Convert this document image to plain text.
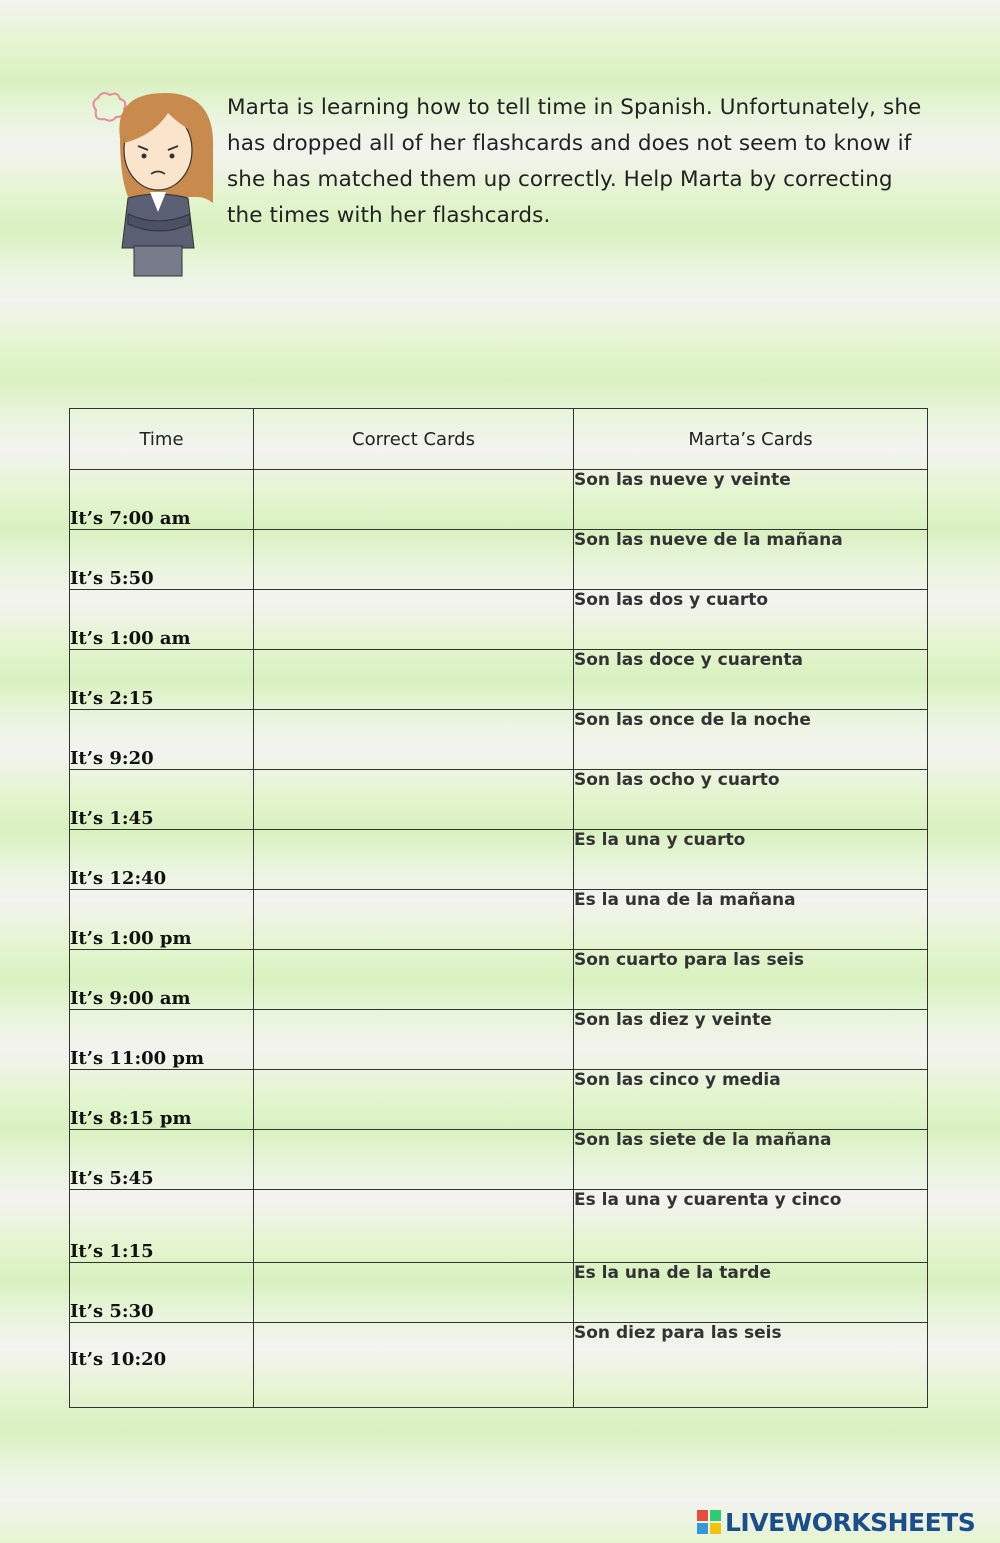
Marta is learning how to tell time in Spanish. Unfortunately, she has dropped all of her flashcards and does not seem to know if she has matched them up correctly. Help Marta by correcting the times with her flashcards.
Time	Correct Cards	Marta’s Cards
It’s 7:00 am		Son las nueve y veinte
It’s 5:50		Son las nueve de la mañana
It’s 1:00 am		Son las dos y cuarto
It’s 2:15		Son las doce y cuarenta
It’s 9:20		Son las once de la noche
It’s 1:45		Son las ocho y cuarto
It’s 12:40		Es la una y cuarto
It’s 1:00 pm		Es la una de la mañana
It’s 9:00 am		Son cuarto para las seis
It’s 11:00 pm		Son las diez y veinte
It’s 8:15 pm		Son las cinco y media
It’s 5:45		Son las siete de la mañana
It’s 1:15		Es la una y cuarenta y cinco
It’s 5:30		Es la una de la tarde
It’s 10:20		Son diez para las seis
LIVEWORKSHEETS
